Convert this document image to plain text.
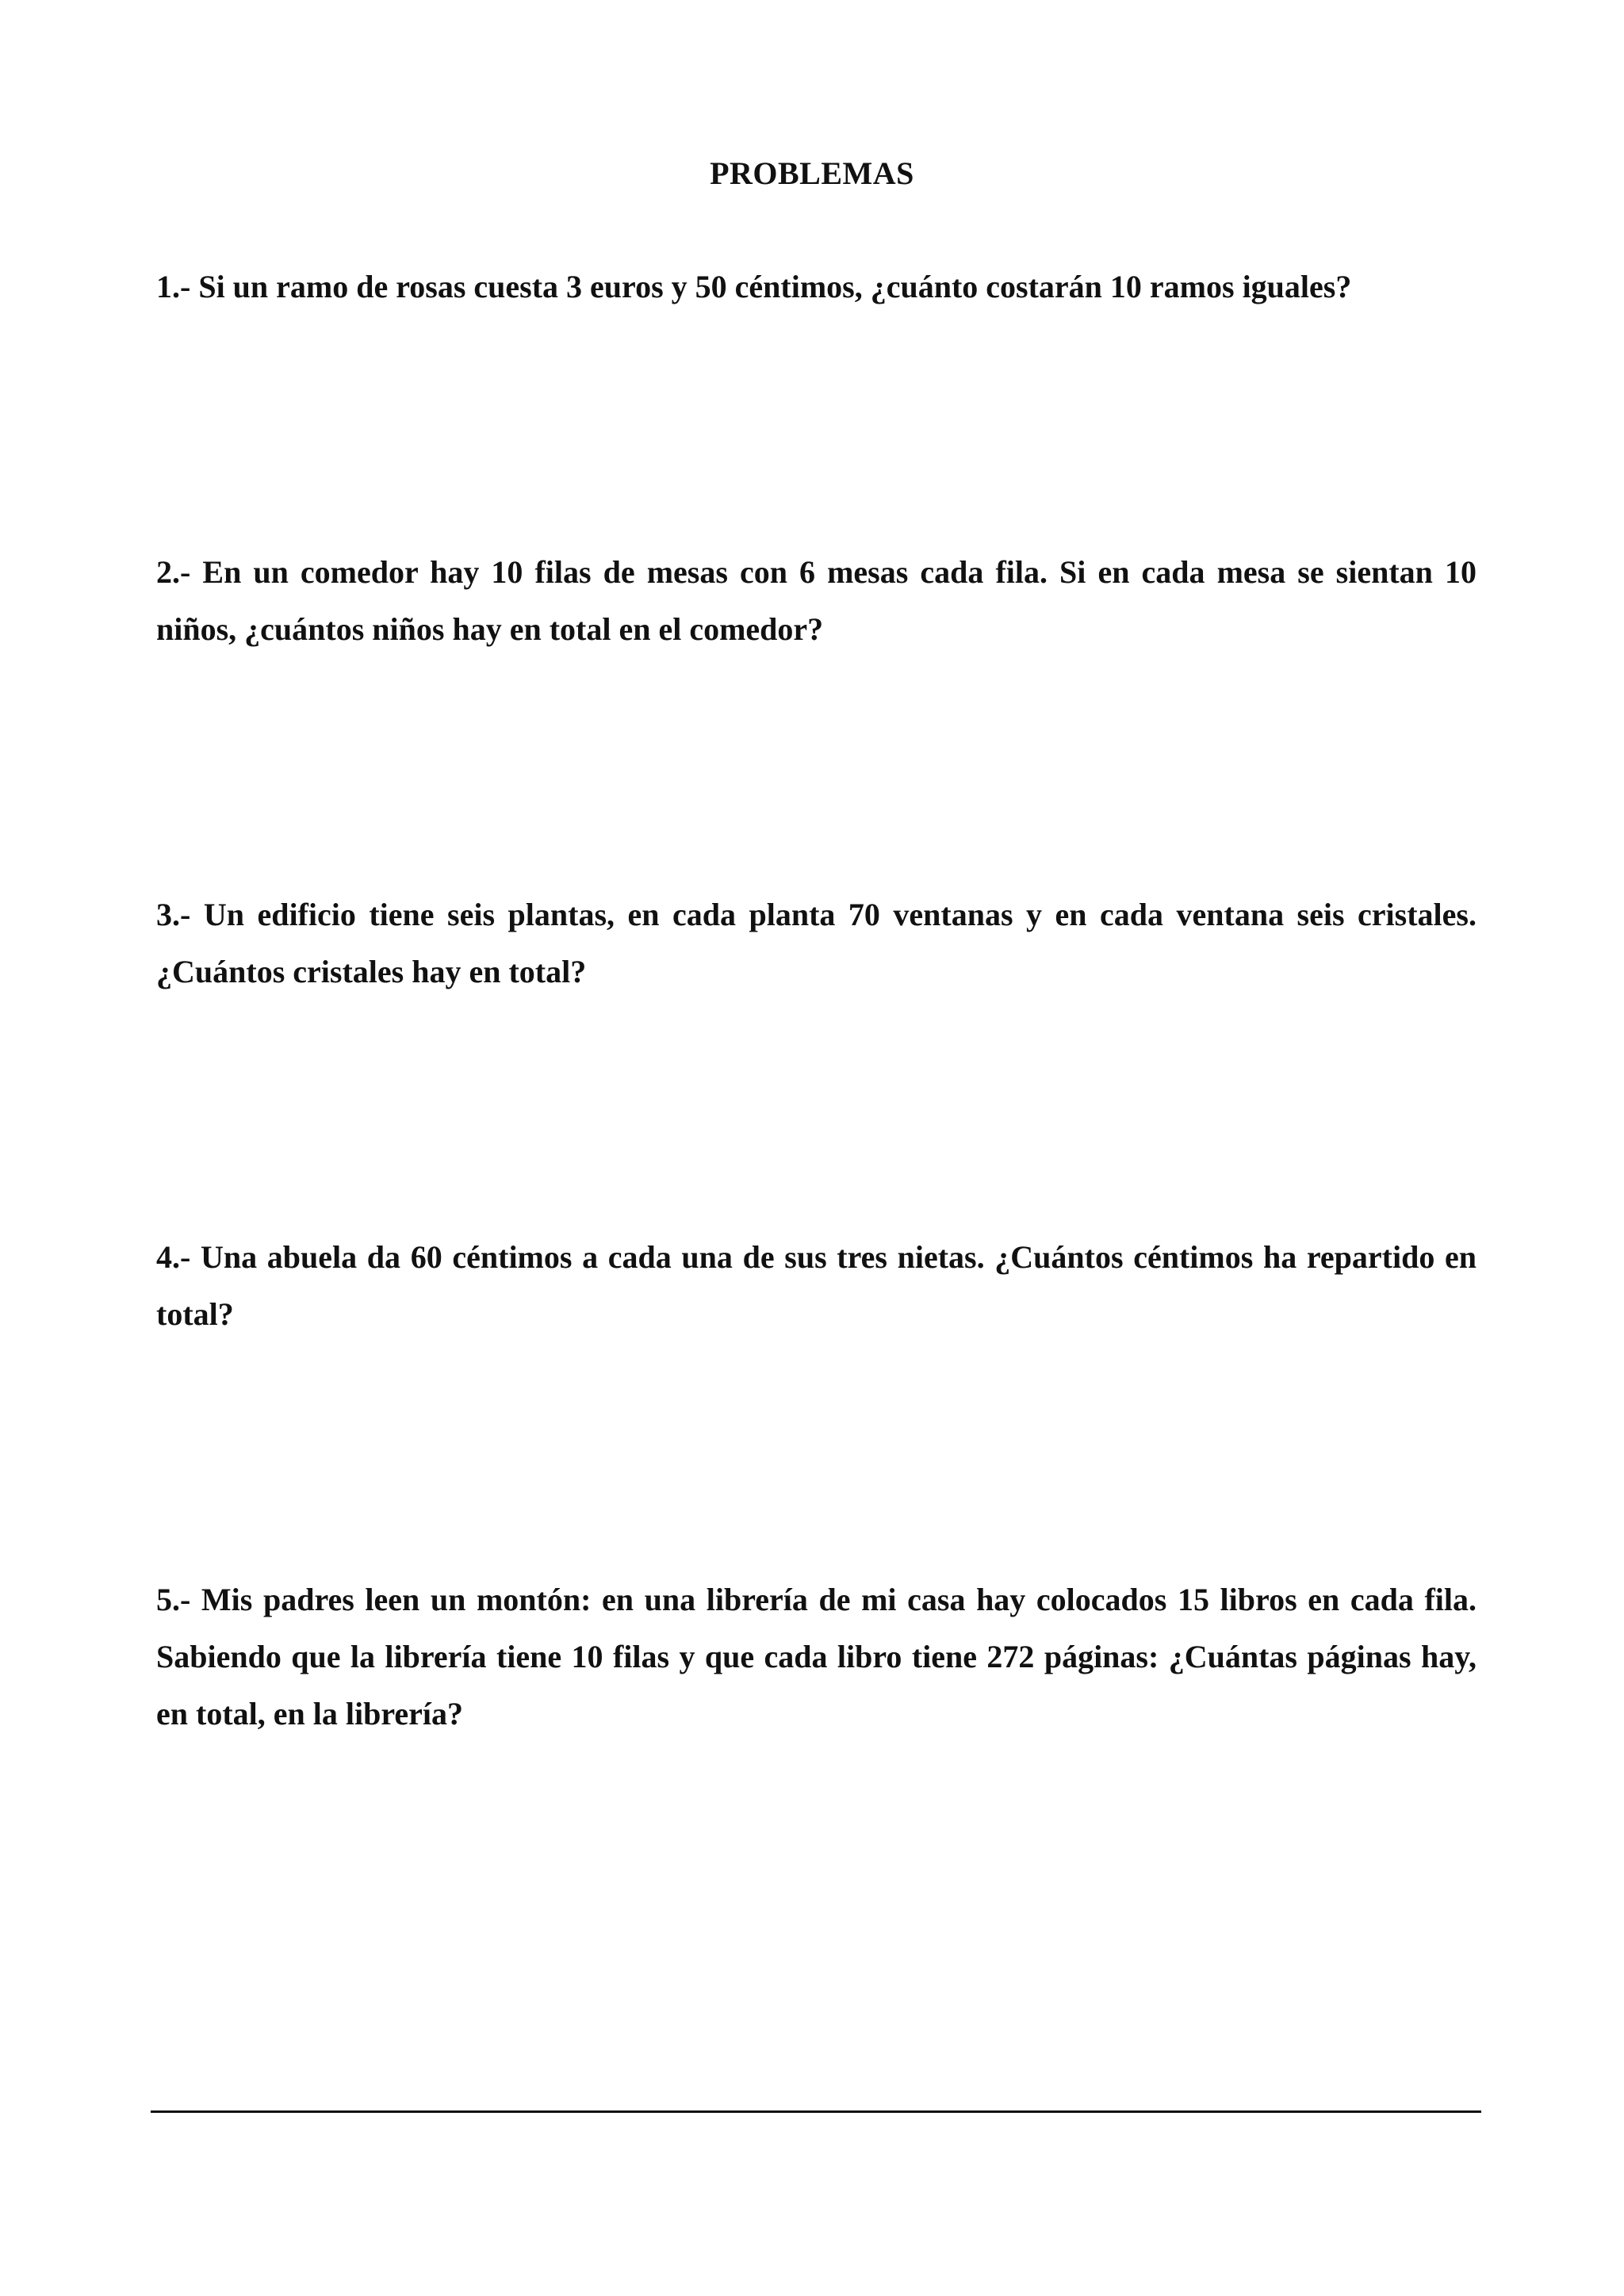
PROBLEMAS
1.- Si un ramo de rosas cuesta 3 euros y 50 céntimos, ¿cuánto costarán 10 ramos iguales?
2.- En un comedor hay 10 filas de mesas con 6 mesas cada fila. Si en cada mesa se sientan 10 niños, ¿cuántos niños hay en total en el comedor?
3.- Un edificio tiene seis plantas, en cada planta 70 ventanas y en cada ventana seis cristales. ¿Cuántos cristales hay en total?
4.- Una abuela da 60 céntimos a cada una de sus tres nietas. ¿Cuántos céntimos ha repartido en total?
5.- Mis padres leen un montón: en una librería de mi casa hay colocados 15 libros en cada fila. Sabiendo que la librería tiene 10 filas y que cada libro tiene 272 páginas: ¿Cuántas páginas hay, en total, en la librería?
